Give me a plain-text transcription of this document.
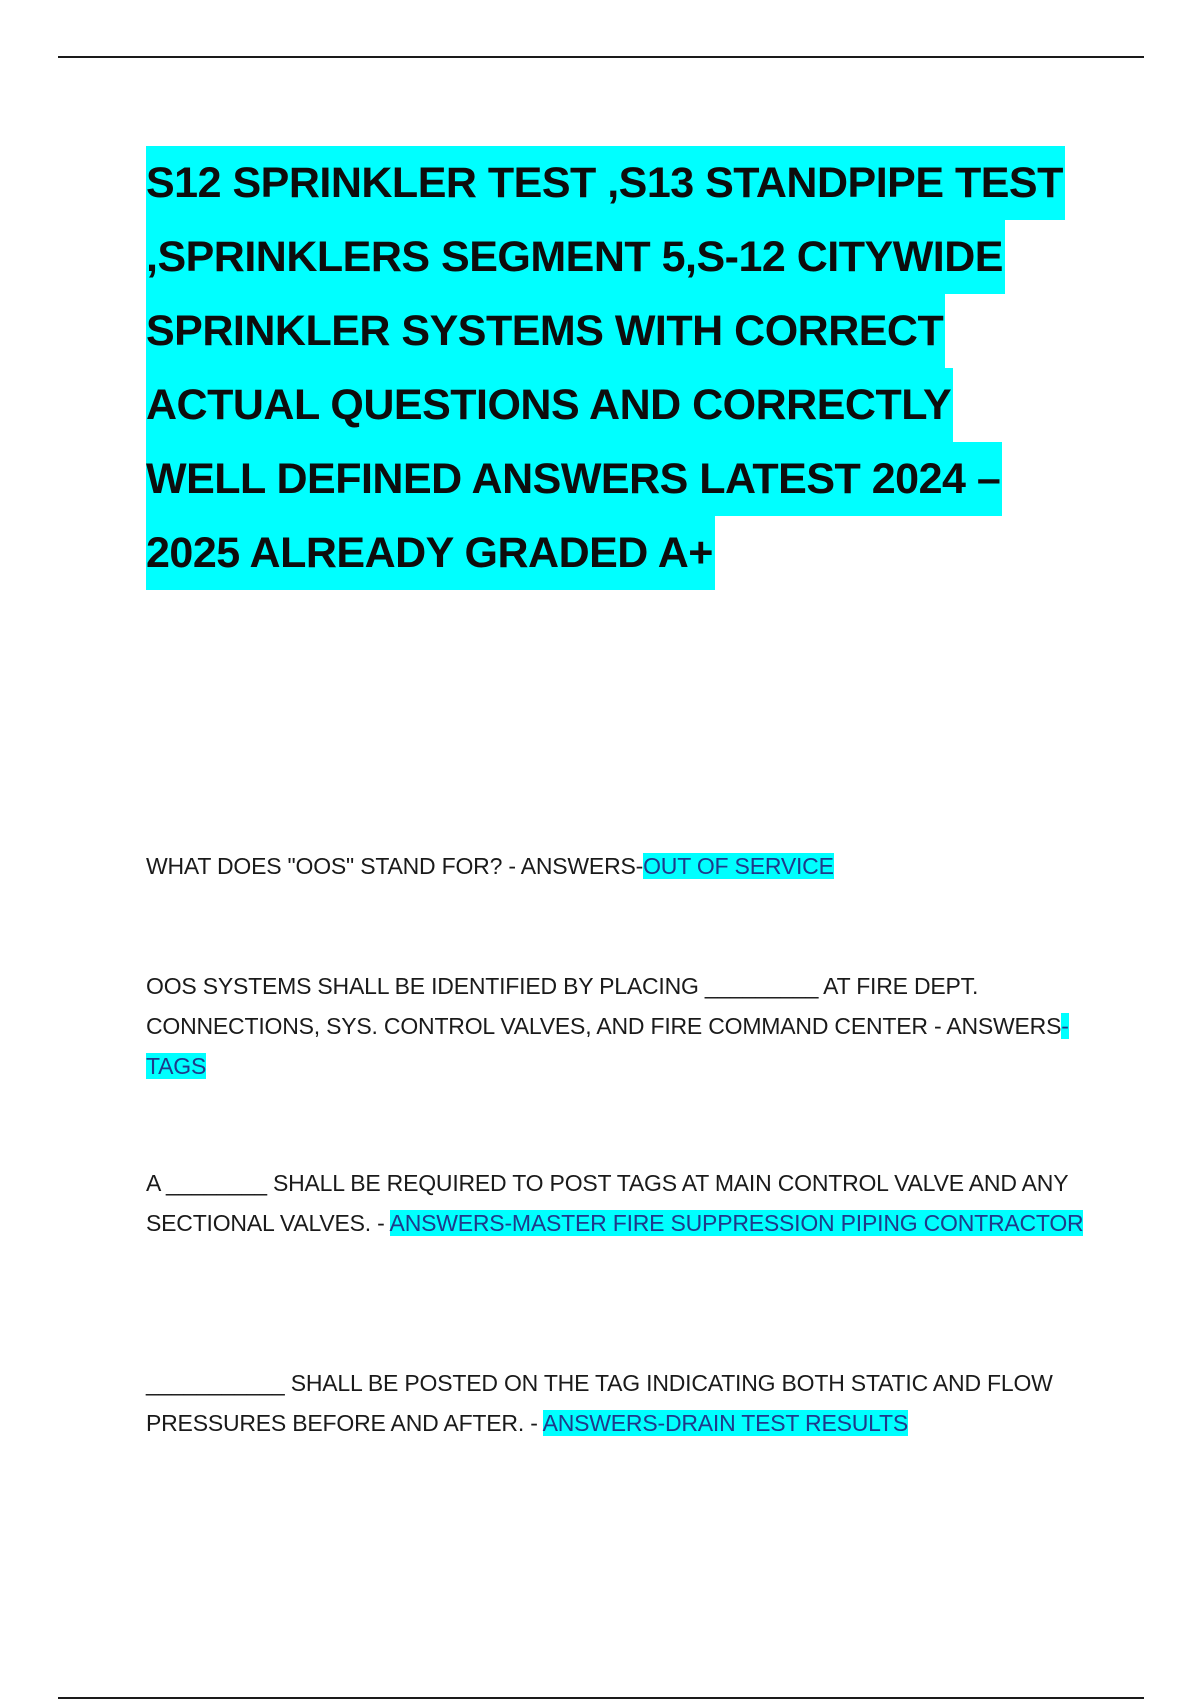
S12 SPRINKLER TEST ,S13 STANDPIPE TEST
,SPRINKLERS SEGMENT 5,S-12 CITYWIDE
SPRINKLER SYSTEMS WITH CORRECT
ACTUAL QUESTIONS AND CORRECTLY
WELL DEFINED ANSWERS LATEST 2024 –
2025 ALREADY GRADED A+

WHAT DOES "OOS" STAND FOR? - ANSWERS-OUT OF SERVICE

OOS SYSTEMS SHALL BE IDENTIFIED BY PLACING _________ AT FIRE DEPT. CONNECTIONS, SYS. CONTROL VALVES, AND FIRE COMMAND CENTER - ANSWERS-TAGS

A ________ SHALL BE REQUIRED TO POST TAGS AT MAIN CONTROL VALVE AND ANY SECTIONAL VALVES. - ANSWERS-MASTER FIRE SUPPRESSION PIPING CONTRACTOR

___________ SHALL BE POSTED ON THE TAG INDICATING BOTH STATIC AND FLOW PRESSURES BEFORE AND AFTER. - ANSWERS-DRAIN TEST RESULTS
